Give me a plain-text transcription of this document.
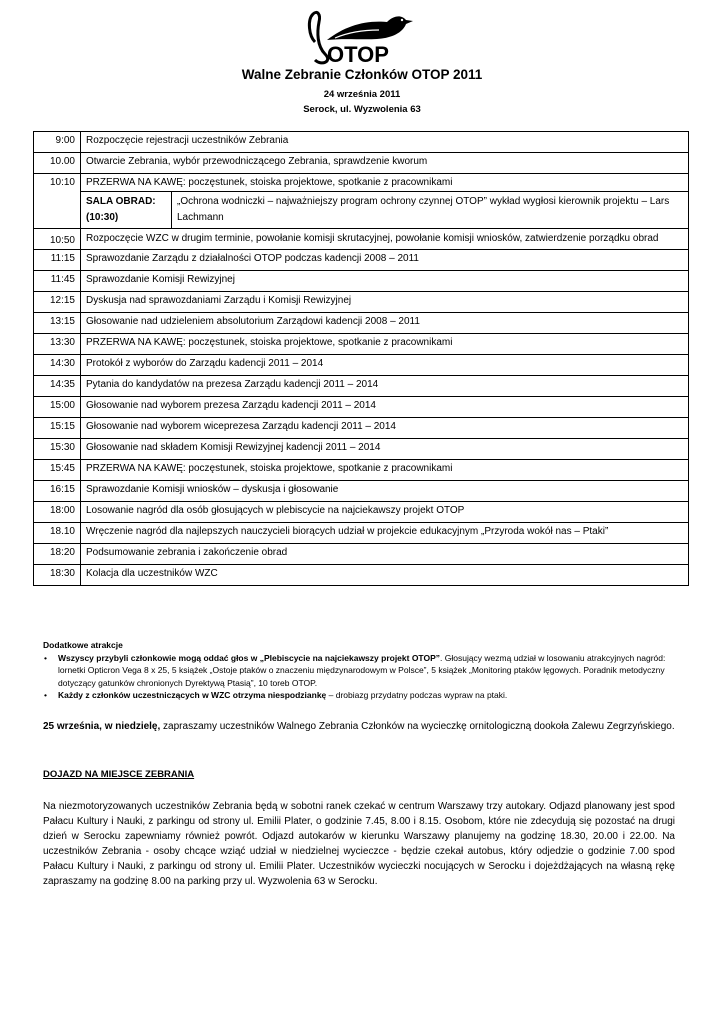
OTOP
Walne Zebranie Członków OTOP 2011
24 września 2011
Serock, ul. Wyzwolenia 63
9:00	Rozpoczęcie rejestracji uczestników Zebrania
10.00	Otwarcie Zebrania, wybór przewodniczącego Zebrania, sprawdzenie kworum
10:10	PRZERWA NA KAWĘ: poczęstunek, stoiska projektowe, spotkanie z pracownikami
SALA OBRAD:
(10:30)
	„Ochrona wodniczki – najważniejszy program ochrony czynnej OTOP” wykład wygłosi kierownik projektu – Lars Lachmann

10:50	Rozpoczęcie WZC w drugim terminie, powołanie komisji skrutacyjnej, powołanie komisji wniosków, zatwierdzenie porządku obrad
11:15	Sprawozdanie Zarządu z działalności OTOP podczas kadencji 2008 – 2011
11:45	Sprawozdanie Komisji Rewizyjnej
12:15	Dyskusja nad sprawozdaniami Zarządu i Komisji Rewizyjnej
13:15	Głosowanie nad udzieleniem absolutorium Zarządowi kadencji 2008 – 2011
13:30	PRZERWA NA KAWĘ: poczęstunek, stoiska projektowe, spotkanie z pracownikami
14:30	Protokół z wyborów do Zarządu kadencji 2011 – 2014
14:35	Pytania do kandydatów na prezesa Zarządu kadencji 2011 – 2014
15:00	Głosowanie nad wyborem prezesa Zarządu kadencji 2011 – 2014
15:15	Głosowanie nad wyborem wiceprezesa Zarządu kadencji 2011 – 2014
15:30	Głosowanie nad składem Komisji Rewizyjnej kadencji 2011 – 2014
15:45	PRZERWA NA KAWĘ: poczęstunek, stoiska projektowe, spotkanie z pracownikami
16:15	Sprawozdanie Komisji wniosków – dyskusja i głosowanie
18:00	Losowanie nagród dla osób głosujących w plebiscycie na najciekawszy projekt OTOP
18.10	Wręczenie nagród dla najlepszych nauczycieli biorących udział w projekcie edukacyjnym „Przyroda wokół nas – Ptaki”
18:20	Podsumowanie zebrania i zakończenie obrad
18:30	Kolacja dla uczestników WZC
Dodatkowe atrakcje
• Wszyscy przybyli członkowie mogą oddać głos w „Plebiscycie na najciekawszy projekt OTOP”. Głosujący wezmą udział w losowaniu atrakcyjnych nagród: lornetki Opticron Vega 8 x 25, 5 książek „Ostoje ptaków o znaczeniu międzynarodowym w Polsce”, 5 książek „Monitoring ptaków lęgowych. Poradnik metodyczny dotyczący gatunków chronionych Dyrektywą Ptasią”, 10 toreb OTOP.
• Każdy z członków uczestniczących w WZC otrzyma niespodziankę – drobiazg przydatny podczas wypraw na ptaki.
25 września, w niedzielę, zapraszamy uczestników Walnego Zebrania Członków na wycieczkę ornitologiczną dookoła Zalewu Zegrzyńskiego.
DOJAZD NA MIEJSCE ZEBRANIA
Na niezmotoryzowanych uczestników Zebrania będą w sobotni ranek czekać w centrum Warszawy trzy autokary. Odjazd planowany jest spod Pałacu Kultury i Nauki, z parkingu od strony ul. Emilii Plater, o godzinie 7.45, 8.00 i 8.15. Osobom, które nie zdecydują się pozostać na drugi dzień w Serocku zapewniamy również powrót. Odjazd autokarów w kierunku Warszawy planujemy na godzinę 18.30, 20.00 i 22.00. Na uczestników Zebrania - osoby chcące wziąć udział w niedzielnej wycieczce - będzie czekał autobus, który odjedzie o godzinie 7.00 spod Pałacu Kultury i Nauki, z parkingu od strony ul. Emilii Plater. Uczestników wycieczki nocujących w Serocku i dojeżdżających na własną rękę zapraszamy na godzinę 8.00 na parking przy ul. Wyzwolenia 63 w Serocku.
